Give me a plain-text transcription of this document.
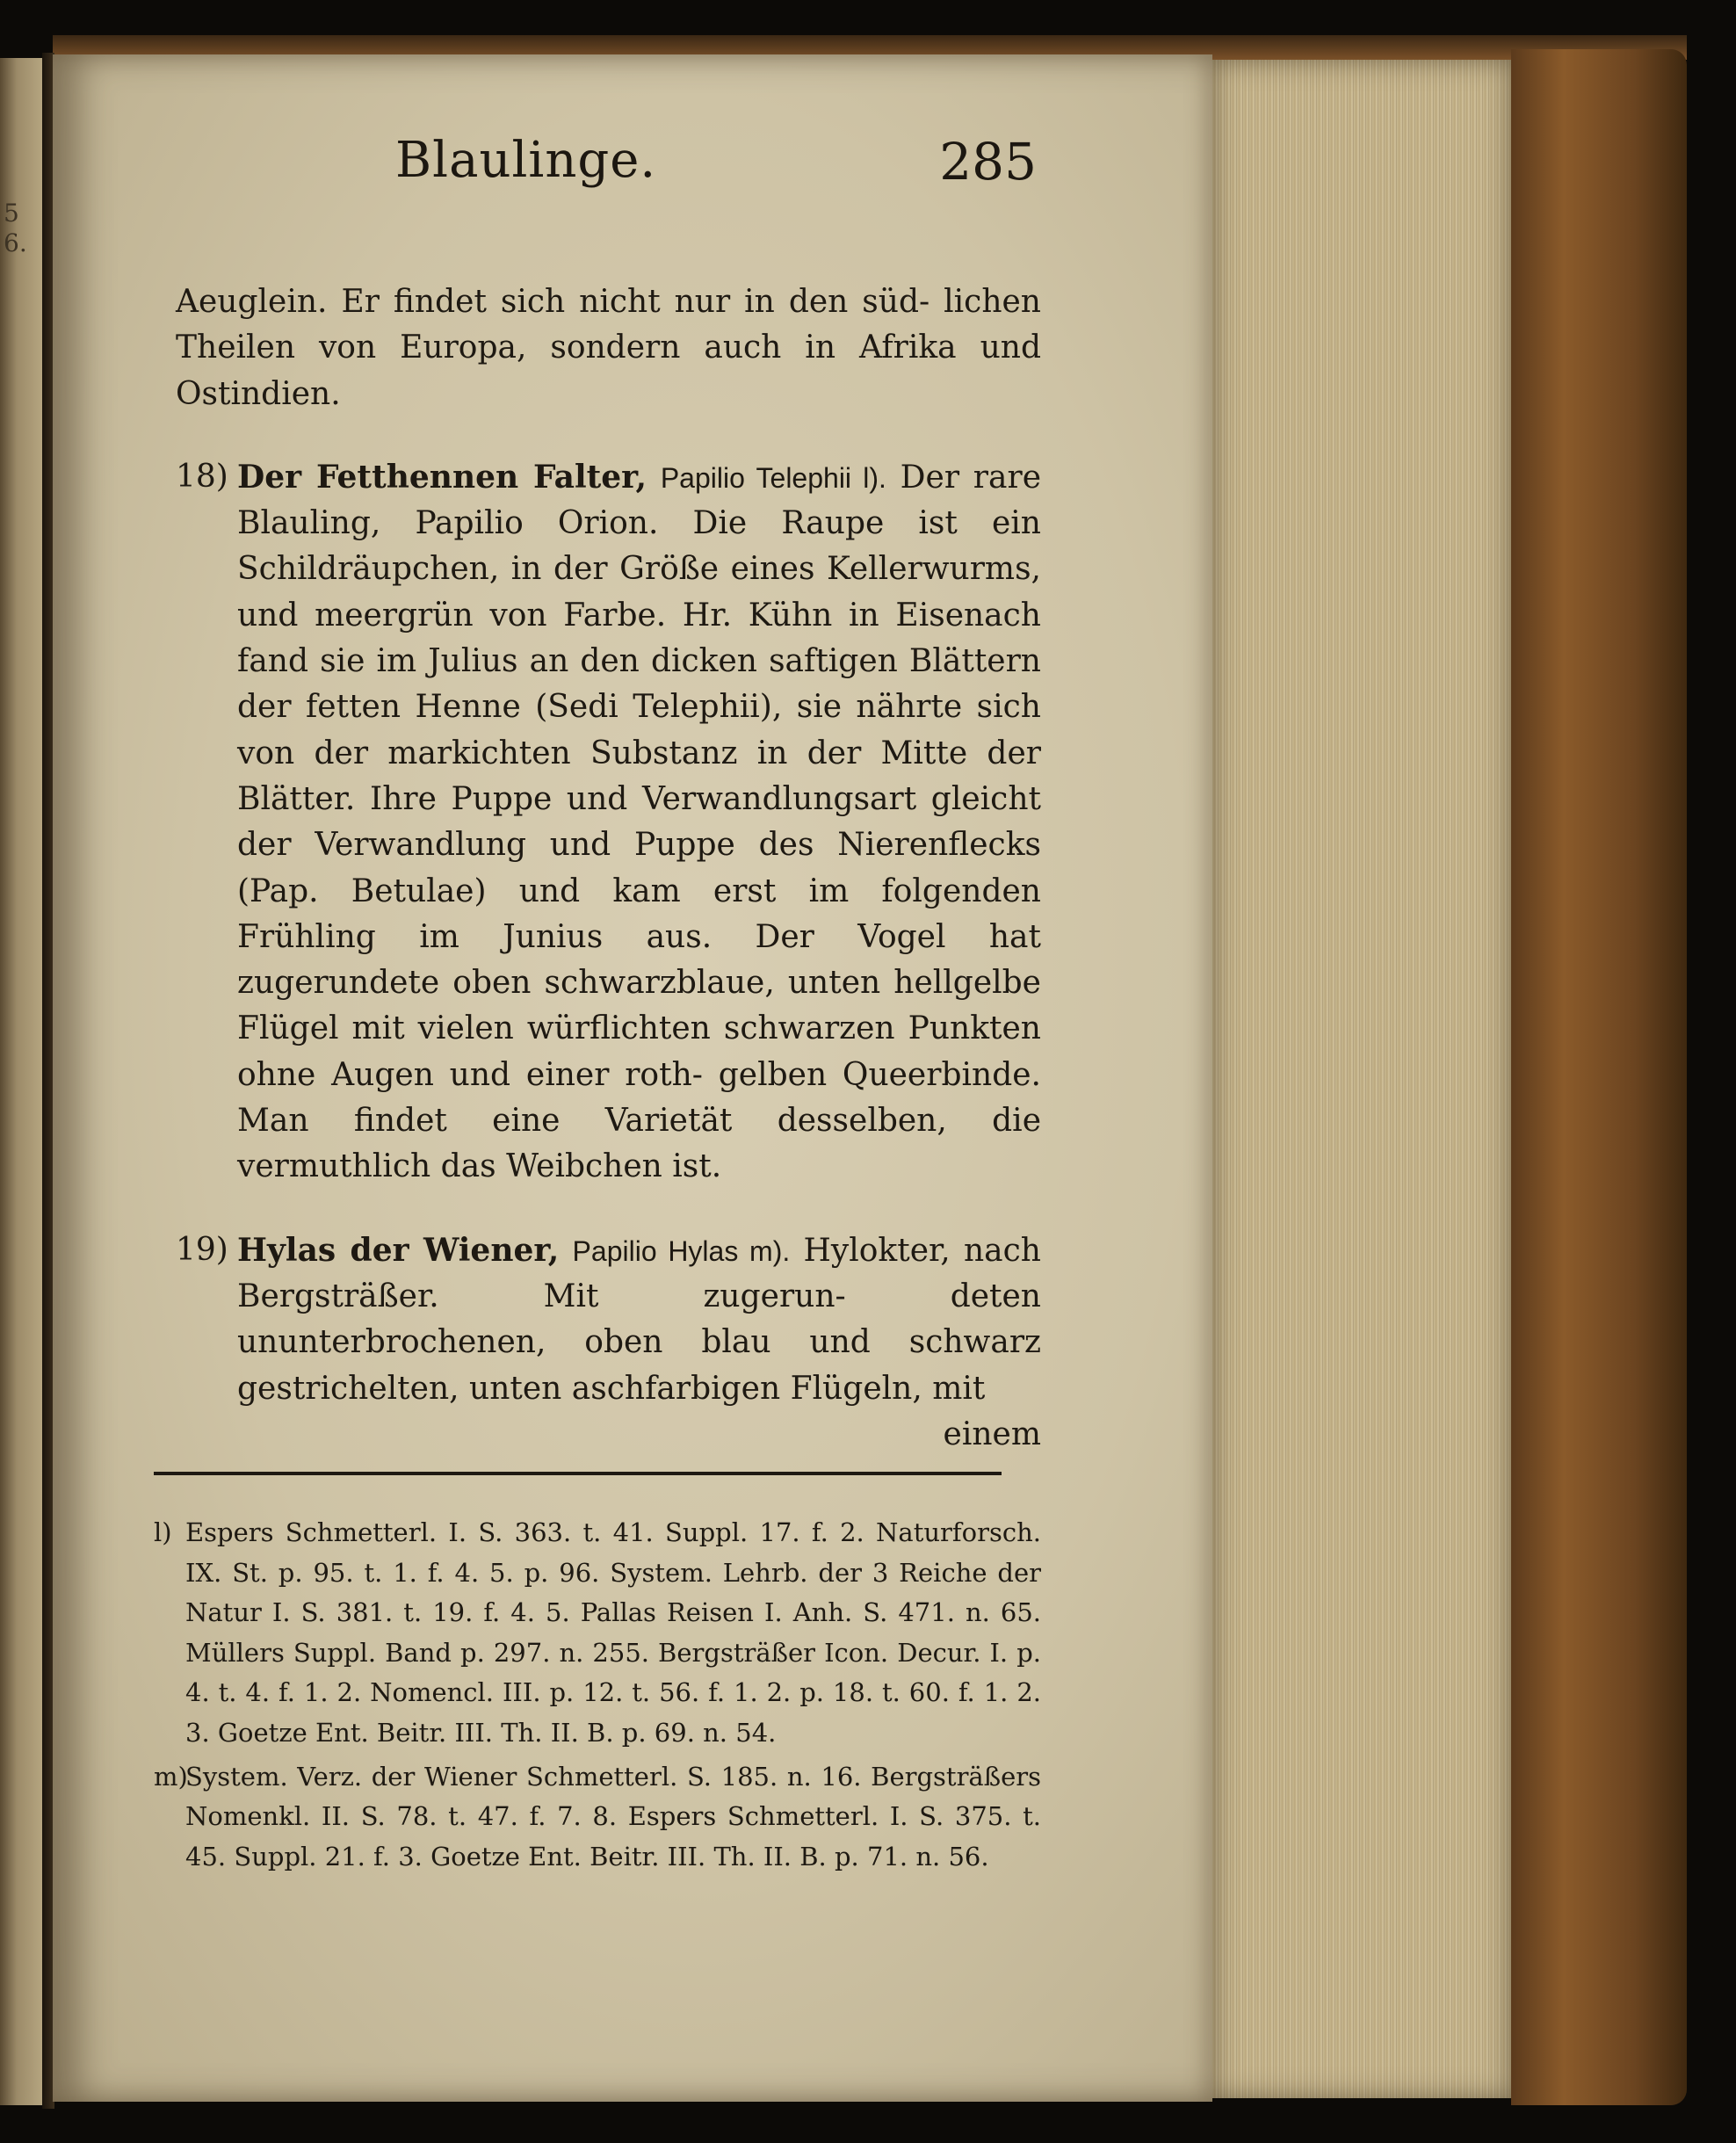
5
6.
Blaulinge.	285

Aeuglein. Er findet sich nicht nur in den süd- lichen Theilen von Europa, sondern auch in Afrika und Ostindien.

18) Der Fetthennen Falter, Papilio Telephii l). Der rare Blauling, Papilio Orion. Die Raupe ist ein Schildräupchen, in der Größe eines Kellerwurms, und meergrün von Farbe. Hr. Kühn in Eisenach fand sie im Julius an den dicken saftigen Blättern der fetten Henne (Sedi Telephii), sie nährte sich von der markichten Substanz in der Mitte der Blätter. Ihre Puppe und Verwandlungsart gleicht der Verwandlung und Puppe des Nierenflecks (Pap. Betulae) und kam erst im folgenden Frühling im Junius aus. Der Vogel hat zugerundete oben schwarzblaue, unten hellgelbe Flügel mit vielen würflichten schwarzen Punkten ohne Augen und einer roth- gelben Queerbinde. Man findet eine Varietät desselben, die vermuthlich das Weibchen ist.

19) Hylas der Wiener, Papilio Hylas m). Hylokter, nach Bergsträßer. Mit zugerun- deten ununterbrochenen, oben blau und schwarz gestrichelten, unten aschfarbigen Flügeln, mit

einem

l) Espers Schmetterl. I. S. 363. t. 41. Suppl. 17. f. 2. Naturforsch. IX. St. p. 95. t. 1. f. 4. 5. p. 96. System. Lehrb. der 3 Reiche der Natur I. S. 381. t. 19. f. 4. 5. Pallas Reisen I. Anh. S. 471. n. 65. Müllers Suppl. Band p. 297. n. 255. Bergsträßer Icon. Decur. I. p. 4. t. 4. f. 1. 2. Nomencl. III. p. 12. t. 56. f. 1. 2. p. 18. t. 60. f. 1. 2. 3. Goetze Ent. Beitr. III. Th. II. B. p. 69. n. 54.

m)
System. Verz. der Wiener Schmetterl. S. 185. n. 16. Bergsträßers Nomenkl. II. S. 78. t. 47. f. 7. 8. Espers Schmetterl. I. S. 375. t. 45. Suppl. 21. f. 3. Goetze Ent. Beitr. III. Th. II. B. p. 71. n. 56.
